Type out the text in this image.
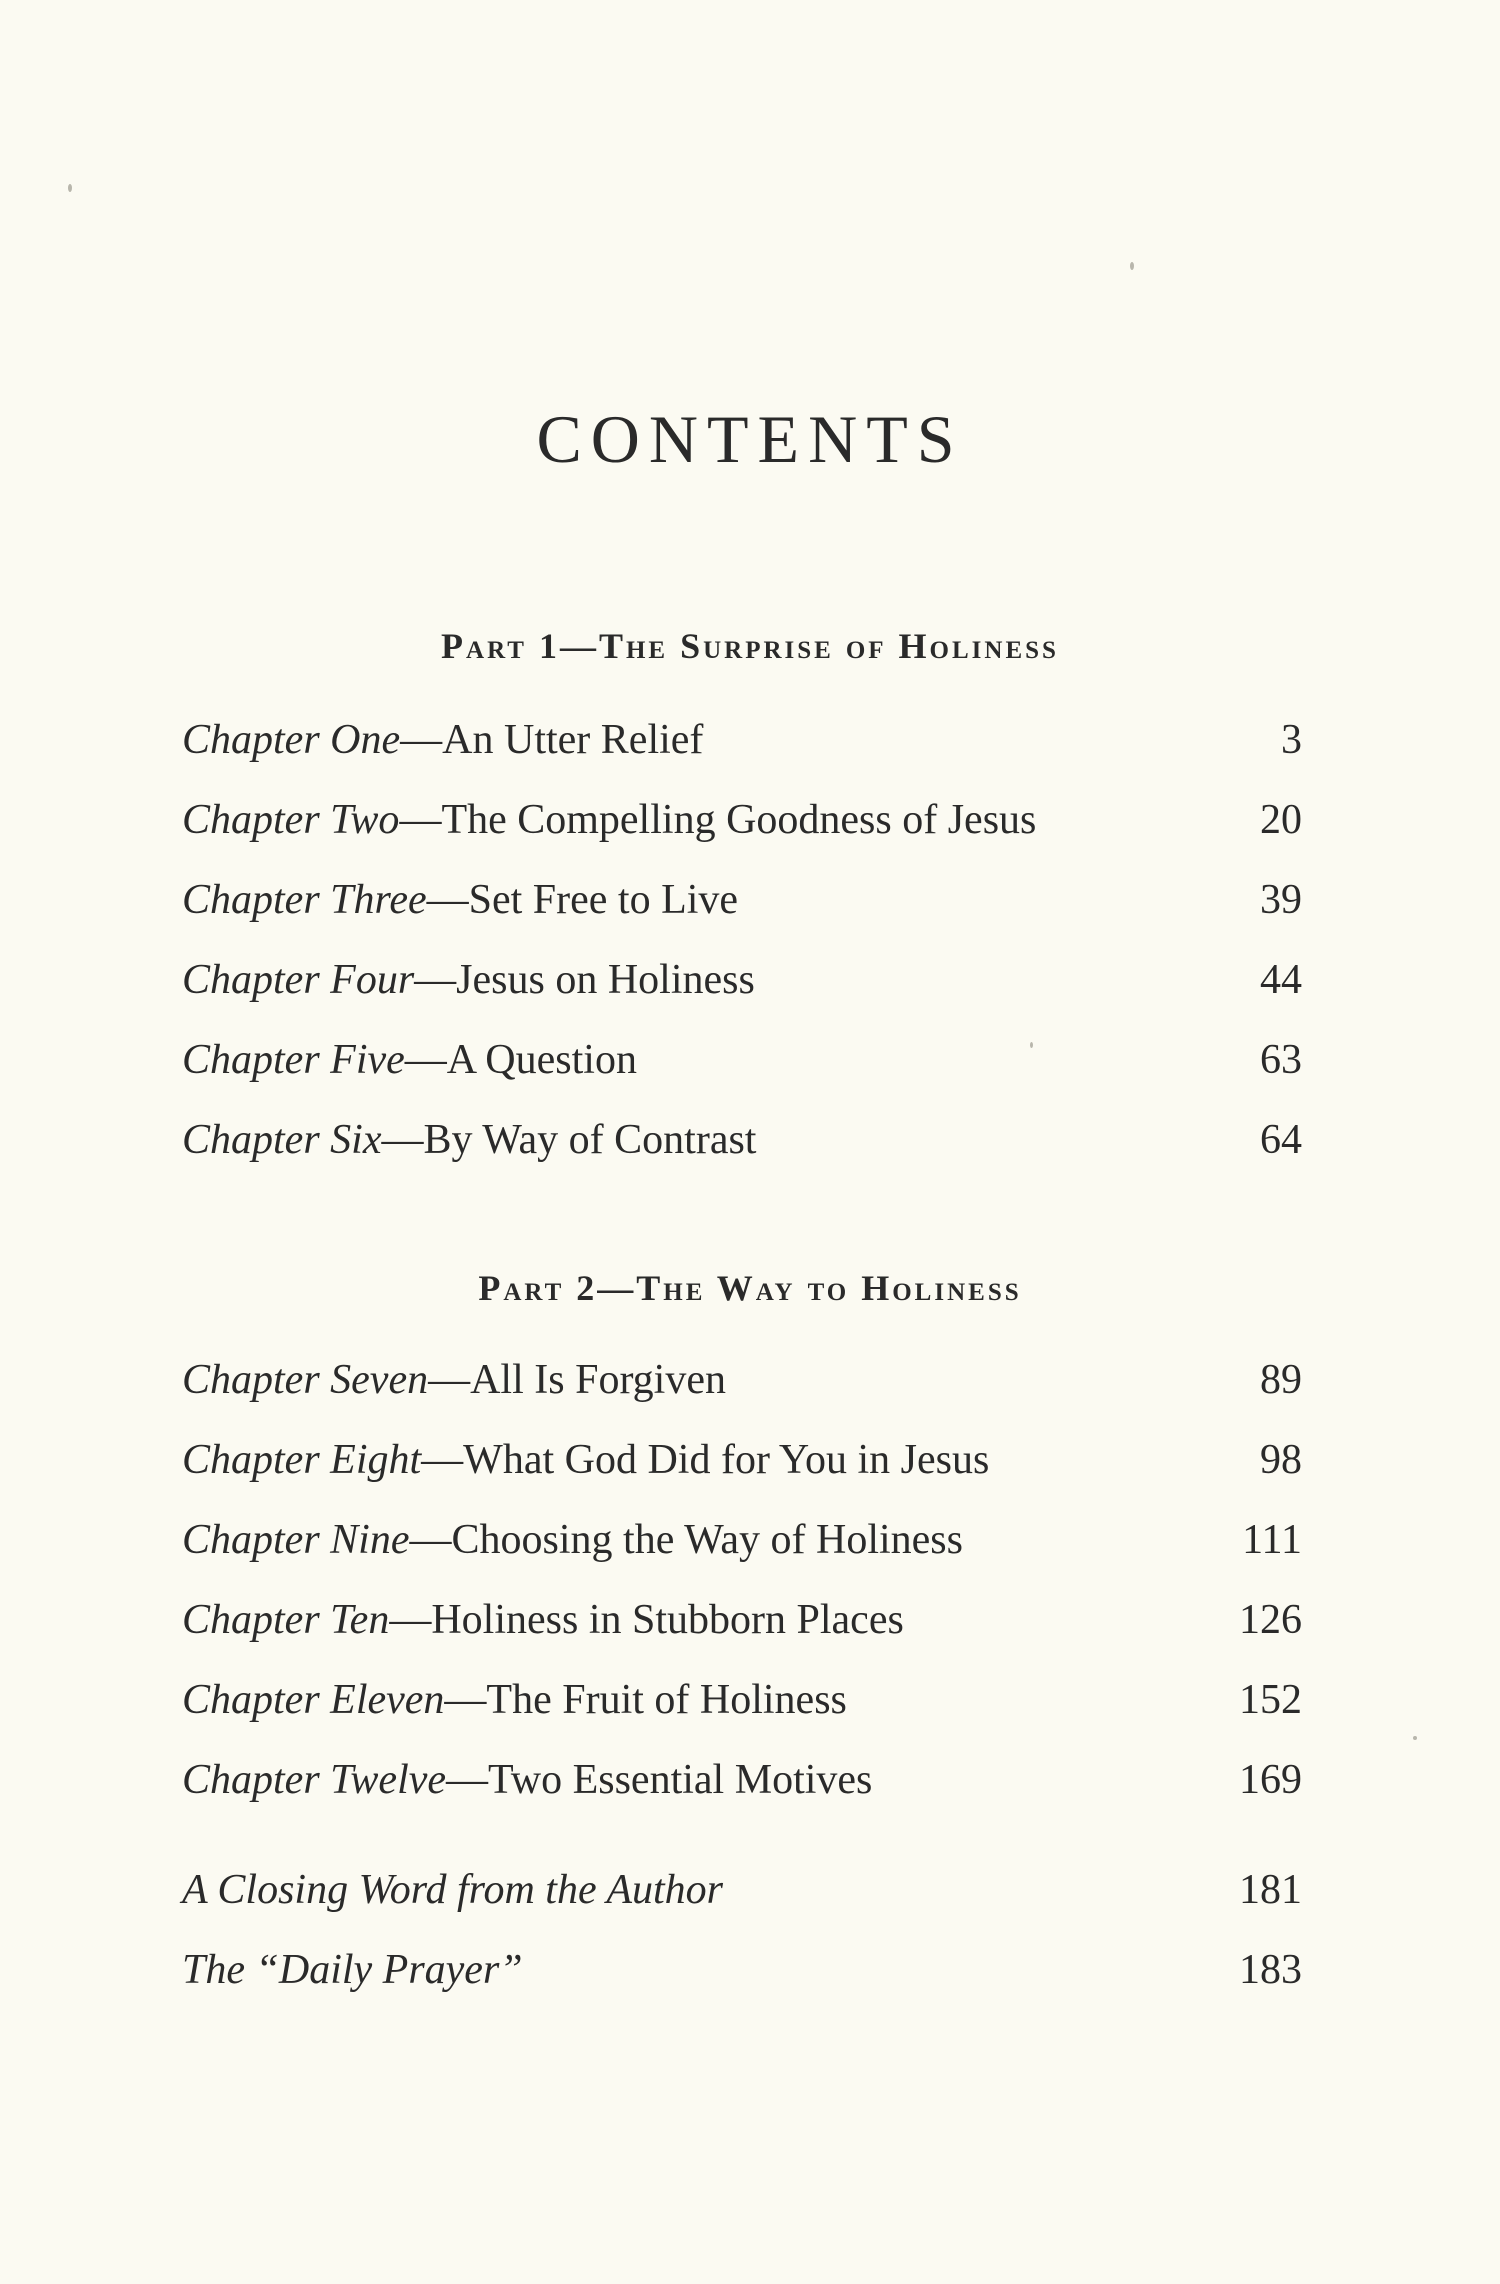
CONTENTS
Part 1—The Surprise of Holiness
Chapter One—An Utter Relief	3
Chapter Two—The Compelling Goodness of Jesus	20
Chapter Three—Set Free to Live	39
Chapter Four—Jesus on Holiness	44
Chapter Five—A Question	63
Chapter Six—By Way of Contrast	64
Part 2—The Way to Holiness
Chapter Seven—All Is Forgiven	89
Chapter Eight—What God Did for You in Jesus	98
Chapter Nine—Choosing the Way of Holiness	111
Chapter Ten—Holiness in Stubborn Places	126
Chapter Eleven—The Fruit of Holiness	152
Chapter Twelve—Two Essential Motives	169
A Closing Word from the Author	181
The “Daily Prayer”	183
